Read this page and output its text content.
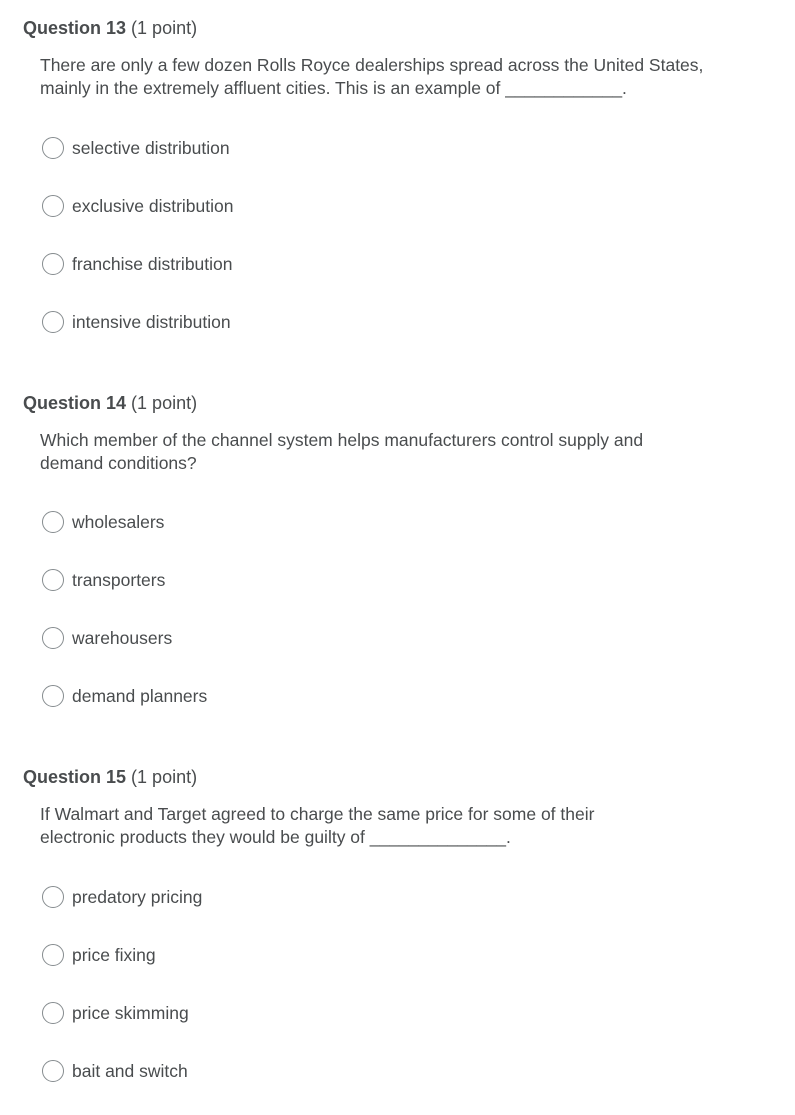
Question 13 (1 point)
There are only a few dozen Rolls Royce dealerships spread across the United States,
mainly in the extremely affluent cities. This is an example of ____________.
selective distribution
exclusive distribution
franchise distribution
intensive distribution
Question 14 (1 point)
Which member of the channel system helps manufacturers control supply and
demand conditions?
wholesalers
transporters
warehousers
demand planners
Question 15 (1 point)
If Walmart and Target agreed to charge the same price for some of their
electronic products they would be guilty of ______________.
predatory pricing
price fixing
price skimming
bait and switch
